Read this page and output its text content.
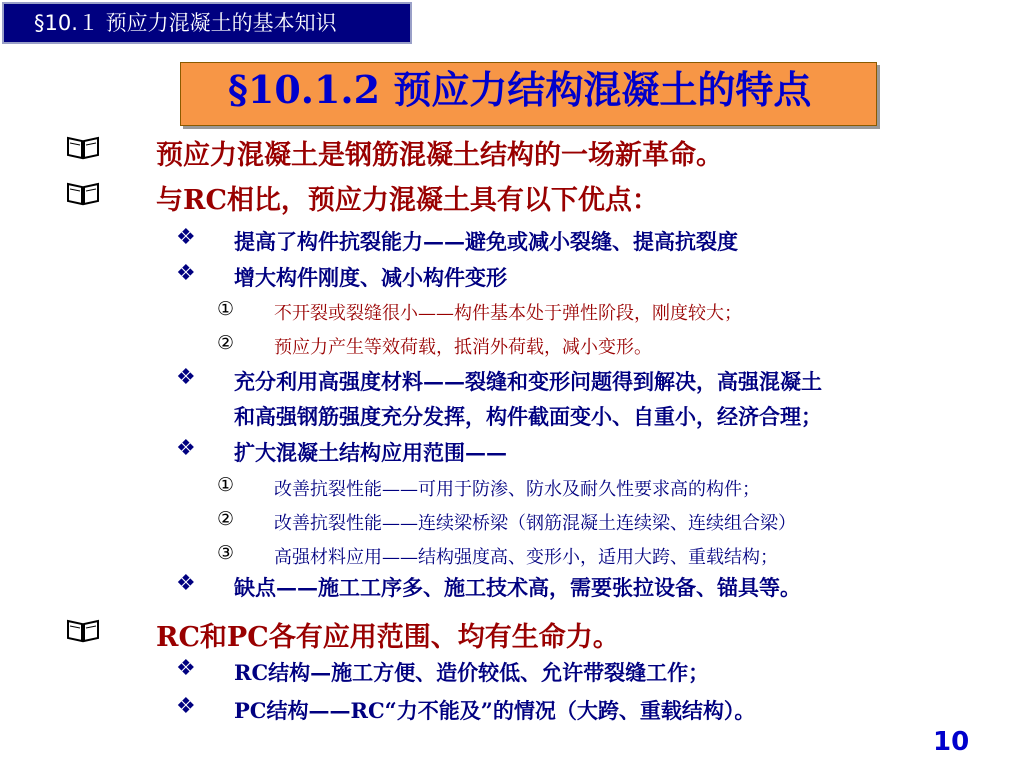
§10.１ 预应力混凝土的基本知识
§10.1.2 预应力结构混凝土的特点
预应力混凝土是钢筋混凝土结构的一场新革命。
与RC相比，预应力混凝土具有以下优点：
❖ 提高了构件抗裂能力——避免或减小裂缝、提高抗裂度
❖ 增大构件刚度、减小构件变形
① 不开裂或裂缝很小——构件基本处于弹性阶段，刚度较大；
② 预应力产生等效荷载，抵消外荷载，减小变形。
❖ 充分利用高强度材料——裂缝和变形问题得到解决，高强混凝土
和高强钢筋强度充分发挥，构件截面变小、自重小，经济合理；
❖ 扩大混凝土结构应用范围——
① 改善抗裂性能——可用于防渗、防水及耐久性要求高的构件；
② 改善抗裂性能——连续梁桥梁（钢筋混凝土连续梁、连续组合梁）
③ 高强材料应用——结构强度高、变形小，适用大跨、重载结构；
❖ 缺点——施工工序多、施工技术高，需要张拉设备、锚具等。
RC和PC各有应用范围、均有生命力。
❖ RC结构—施工方便、造价较低、允许带裂缝工作；
❖ PC结构——RC“力不能及”的情况（大跨、重载结构）。
10
